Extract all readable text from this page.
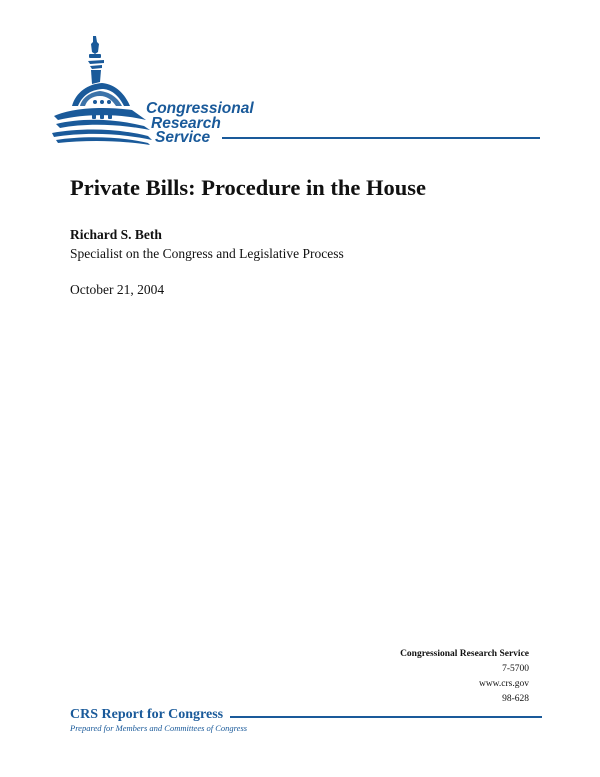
Congressional
Research
Service
Private Bills: Procedure in the House
Richard S. Beth
Specialist on the Congress and Legislative Process
October 21, 2004
Congressional Research Service
7-5700
www.crs.gov
98-628
CRS Report for Congress
Prepared for Members and Committees of Congress
